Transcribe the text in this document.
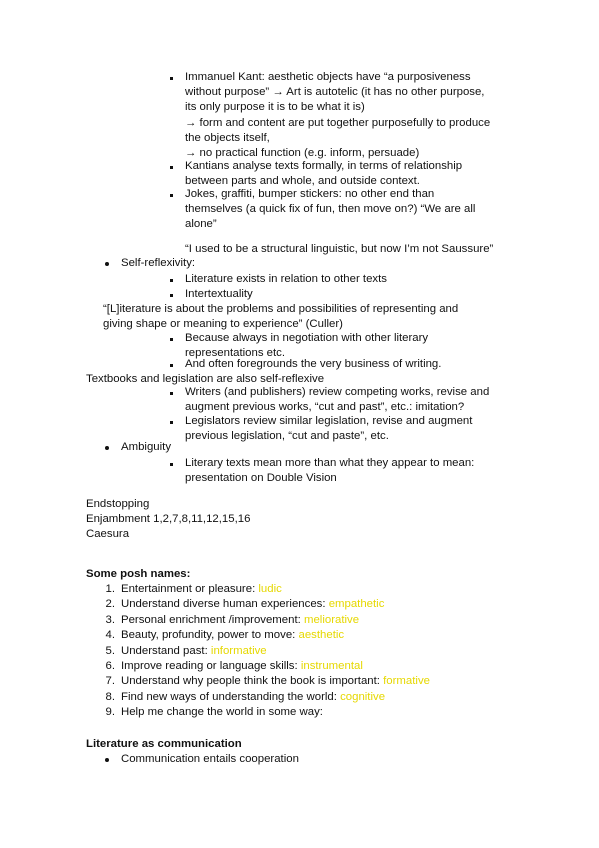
Immanuel Kant: aesthetic objects have “a purposiveness
without purpose” → Art is autotelic (it has no other purpose,
its only purpose it is to be what it is)
→ form and content are put together purposefully to produce
the objects itself,
→ no practical function (e.g. inform, persuade)
Kantians analyse texts formally, in terms of relationship
between parts and whole, and outside context.
Jokes, graffiti, bumper stickers: no other end than
themselves (a quick fix of fun, then move on?) “We are all
alone”
“I used to be a structural linguistic, but now I’m not Saussure”
Self-reflexivity:
Literature exists in relation to other texts
Intertextuality
“[L]iterature is about the problems and possibilities of representing and
giving shape or meaning to experience” (Culler)
Because always in negotiation with other literary
representations etc.
And often foregrounds the very business of writing.
Textbooks and legislation are also self-reflexive
Writers (and publishers) review competing works, revise and
augment previous works, “cut and past”, etc.: imitation?
Legislators review similar legislation, revise and augment
previous legislation, “cut and paste”, etc.
Ambiguity
Literary texts mean more than what they appear to mean:
presentation on Double Vision
Endstopping
Enjambment 1,2,7,8,11,12,15,16
Caesura
Some posh names:
1. Entertainment or pleasure: ludic
2. Understand diverse human experiences: empathetic
3. Personal enrichment /improvement: meliorative
4. Beauty, profundity, power to move: aesthetic
5. Understand past: informative
6. Improve reading or language skills: instrumental
7. Understand why people think the book is important: formative
8. Find new ways of understanding the world: cognitive
9. Help me change the world in some way:
Literature as communication
Communication entails cooperation
